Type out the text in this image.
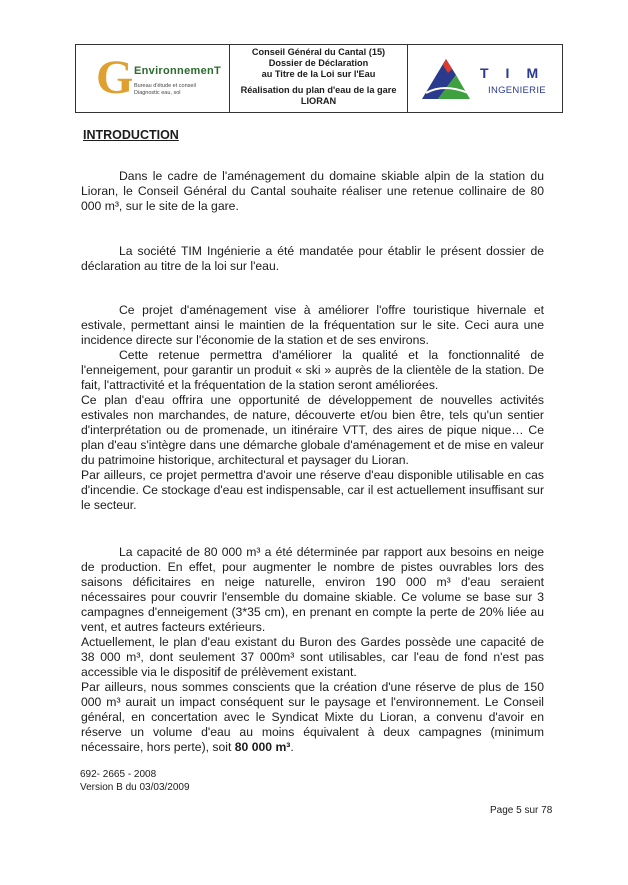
G EnvironnemenT
Bureau d'étude et conseil
Diagnostic eau, sol
Conseil Général du Cantal (15)
Dossier de Déclaration
au Titre de la Loi sur l'Eau
Réalisation du plan d'eau de la gare
LIORAN
TIM
INGENIERIE
INTRODUCTION

Dans le cadre de l'aménagement du domaine skiable alpin de la station du Lioran, le Conseil Général du Cantal souhaite réaliser une retenue collinaire de 80 000 m³, sur le site de la gare.

La société TIM Ingénierie a été mandatée pour établir le présent dossier de déclaration au titre de la loi sur l'eau.

Ce projet d'aménagement vise à améliorer l'offre touristique hivernale et estivale, permettant ainsi le maintien de la fréquentation sur le site. Ceci aura une incidence directe sur l'économie de la station et de ses environs.

Cette retenue permettra d'améliorer la qualité et la fonctionnalité de l'enneigement, pour garantir un produit « ski » auprès de la clientèle de la station. De fait, l'attractivité et la fréquentation de la station seront améliorées.

Ce plan d'eau offrira une opportunité de développement de nouvelles activités estivales non marchandes, de nature, découverte et/ou bien être, tels qu'un sentier d'interprétation ou de promenade, un itinéraire VTT, des aires de pique nique… Ce plan d'eau s'intègre dans une démarche globale d'aménagement et de mise en valeur du patrimoine historique, architectural et paysager du Lioran.

Par ailleurs, ce projet permettra d'avoir une réserve d'eau disponible utilisable en cas d'incendie. Ce stockage d'eau est indispensable, car il est actuellement insuffisant sur le secteur.

La capacité de 80 000 m³ a été déterminée par rapport aux besoins en neige de production. En effet, pour augmenter le nombre de pistes ouvrables lors des saisons déficitaires en neige naturelle, environ 190 000 m³ d'eau seraient nécessaires pour couvrir l'ensemble du domaine skiable. Ce volume se base sur 3 campagnes d'enneigement (3*35 cm), en prenant en compte la perte de 20% liée au vent, et autres facteurs extérieurs.

Actuellement, le plan d'eau existant du Buron des Gardes possède une capacité de 38 000 m³, dont seulement 37 000m³ sont utilisables, car l'eau de fond n'est pas accessible via le dispositif de prélèvement existant.

Par ailleurs, nous sommes conscients que la création d'une réserve de plus de 150 000 m³ aurait un impact conséquent sur le paysage et l'environnement. Le Conseil général, en concertation avec le Syndicat Mixte du Lioran, a convenu d'avoir en réserve un volume d'eau au moins équivalent à deux campagnes (minimum nécessaire, hors perte), soit 80 000 m³.

692- 2665 - 2008
Version B du 03/03/2009
Page 5 sur 78
